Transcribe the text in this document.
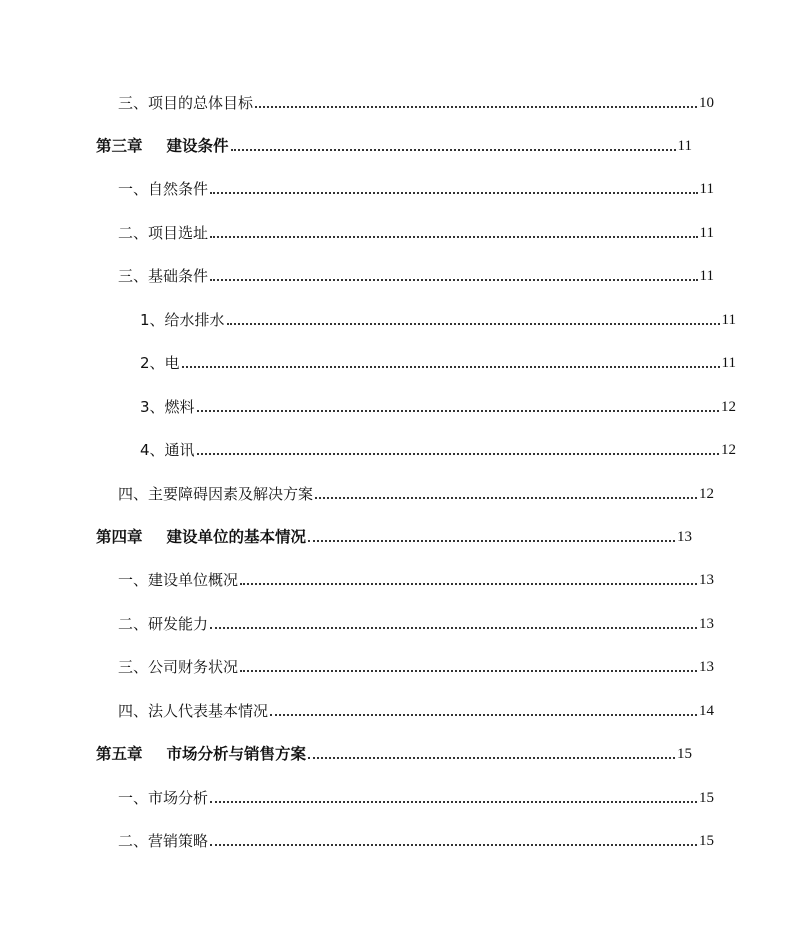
三、项目的总体目标	10
第三章 建设条件	11
一、自然条件	11
二、项目选址	11
三、基础条件	11
1、给水排水	11
2、电	11
3、燃料	12
4、通讯	12
四、主要障碍因素及解决方案	12
第四章 建设单位的基本情况	13
一、建设单位概况	13
二、研发能力	13
三、公司财务状况	13
四、法人代表基本情况	14
第五章 市场分析与销售方案	15
一、市场分析	15
二、营销策略	15
